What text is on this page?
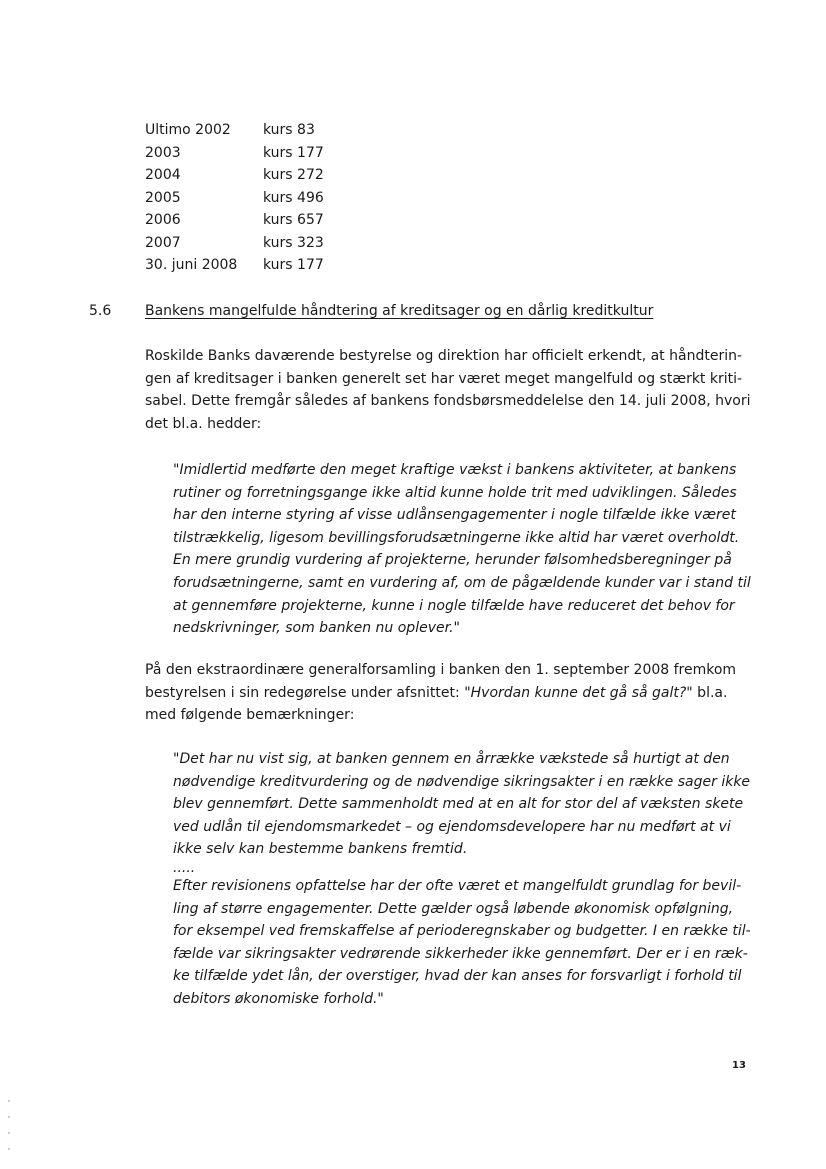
Ultimo 2002	kurs 83
2003	kurs 177
2004	kurs 272
2005	kurs 496
2006	kurs 657
2007	kurs 323
30. juni 2008	kurs 177
5.6	Bankens mangelfulde håndtering af kreditsager og en dårlig kreditkultur
Roskilde Banks daværende bestyrelse og direktion har officielt erkendt, at håndterin-
gen af kreditsager i banken generelt set har været meget mangelfuld og stærkt kriti-
sabel. Dette fremgår således af bankens fondsbørsmeddelelse den 14. juli 2008, hvori
det bl.a. hedder:
"Imidlertid medførte den meget kraftige vækst i bankens aktiviteter, at bankens
rutiner og forretningsgange ikke altid kunne holde trit med udviklingen. Således
har den interne styring af visse udlånsengagementer i nogle tilfælde ikke været
tilstrækkelig, ligesom bevillingsforudsætningerne ikke altid har været overholdt.
En mere grundig vurdering af projekterne, herunder følsomhedsberegninger på
forudsætningerne, samt en vurdering af, om de pågældende kunder var i stand til
at gennemføre projekterne, kunne i nogle tilfælde have reduceret det behov for
nedskrivninger, som banken nu oplever."
På den ekstraordinære generalforsamling i banken den 1. september 2008 fremkom
bestyrelsen i sin redegørelse under afsnittet: "Hvordan kunne det gå så galt?" bl.a.
med følgende bemærkninger:
"Det har nu vist sig, at banken gennem en årrække vækstede så hurtigt at den
nødvendige kreditvurdering og de nødvendige sikringsakter i en række sager ikke
blev gennemført. Dette sammenholdt med at en alt for stor del af væksten skete
ved udlån til ejendomsmarkedet – og ejendomsdevelopere har nu medført at vi
ikke selv kan bestemme bankens fremtid.
.....
Efter revisionens opfattelse har der ofte været et mangelfuldt grundlag for bevil-
ling af større engagementer. Dette gælder også løbende økonomisk opfølgning,
for eksempel ved fremskaffelse af perioderegnskaber og budgetter. I en række til-
fælde var sikringsakter vedrørende sikkerheder ikke gennemført. Der er i en ræk-
ke tilfælde ydet lån, der overstiger, hvad der kan anses for forsvarligt i forhold til
debitors økonomiske forhold."
13
